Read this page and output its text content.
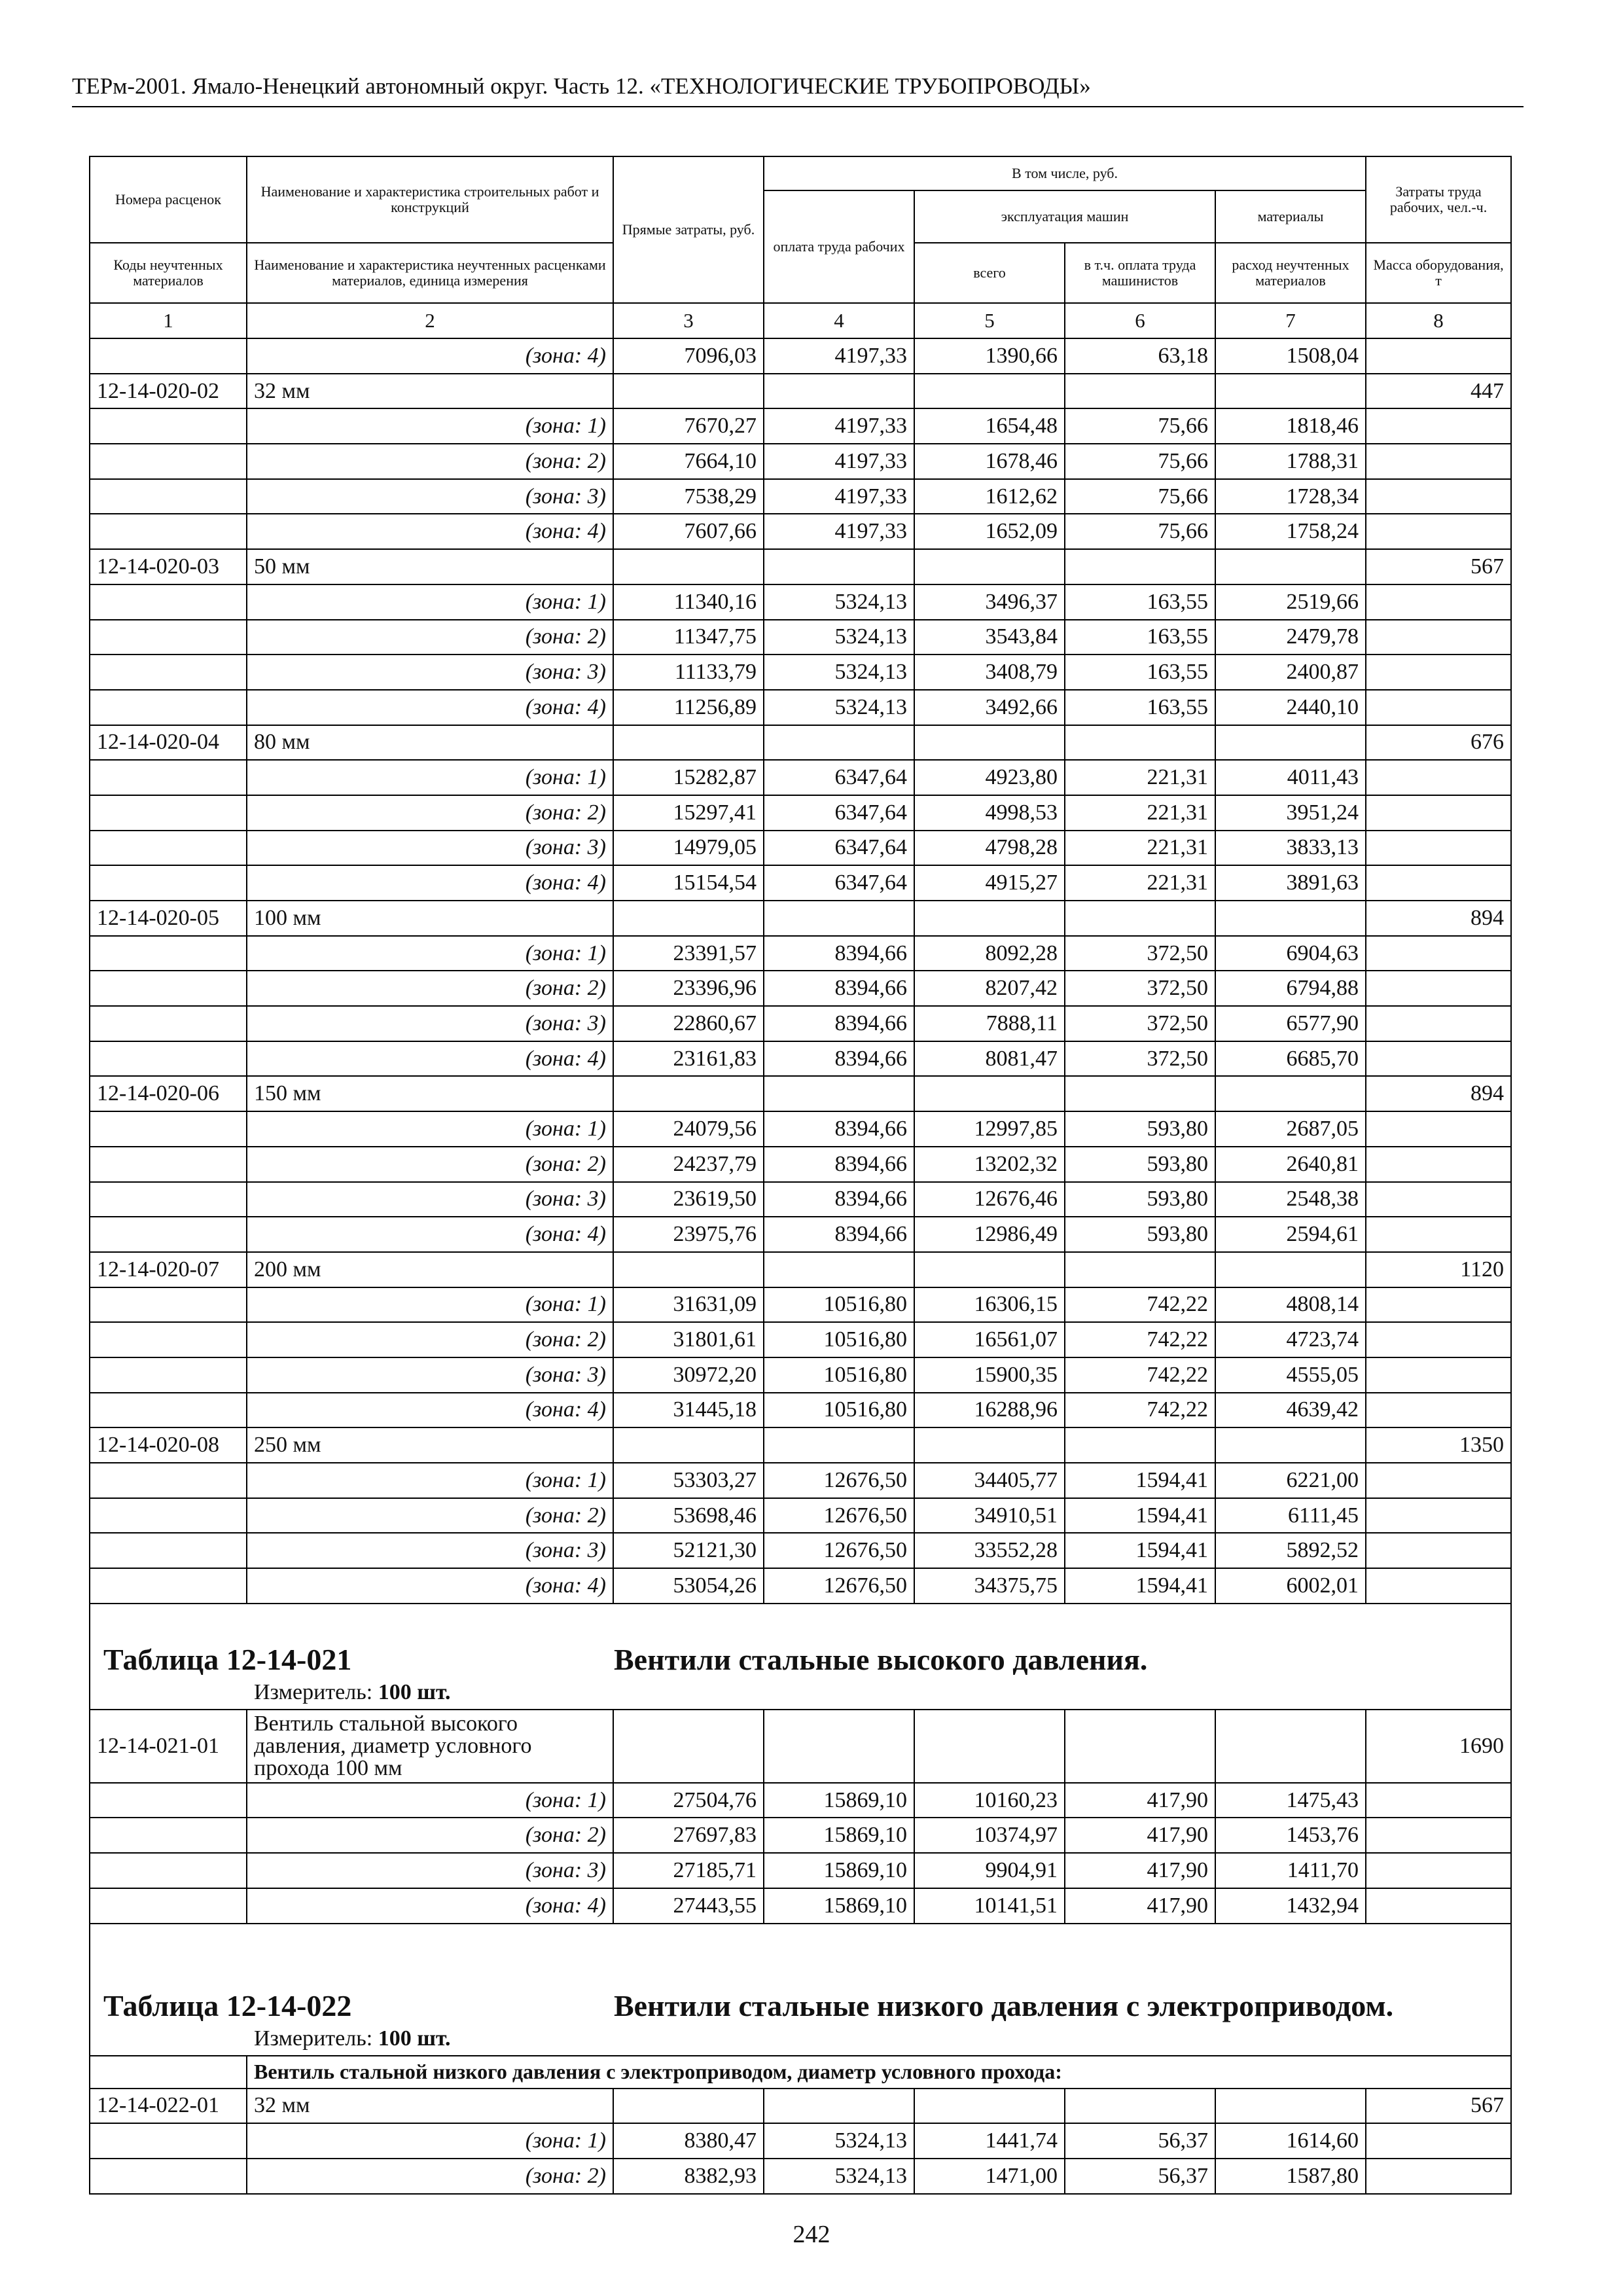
ТЕРм-2001. Ямало-Ненецкий автономный округ. Часть 12. «ТЕХНОЛОГИЧЕСКИЕ ТРУБОПРОВОДЫ»
Номера расценок	Наименование и характеристика строительных работ и конструкций	Прямые затраты, руб.	В том числе, руб.				Затраты труда рабочих, чел.-ч.
			оплата труда рабочих	эксплуатация машин		материалы	
Коды неучтенных материалов	Наименование и характеристика неучтенных расценками материалов, единица измерения			всего	в т.ч. оплата труда машинистов	расход неучтенных материалов	Масса оборудования, т
1	2	3	4	5	6	7	8
	(зона: 4)	7096,03	4197,33	1390,66	63,18	1508,04	
12-14-020-02	32 мм						447
	(зона: 1)	7670,27	4197,33	1654,48	75,66	1818,46	
	(зона: 2)	7664,10	4197,33	1678,46	75,66	1788,31	
	(зона: 3)	7538,29	4197,33	1612,62	75,66	1728,34	
	(зона: 4)	7607,66	4197,33	1652,09	75,66	1758,24	
12-14-020-03	50 мм						567
	(зона: 1)	11340,16	5324,13	3496,37	163,55	2519,66	
	(зона: 2)	11347,75	5324,13	3543,84	163,55	2479,78	
	(зона: 3)	11133,79	5324,13	3408,79	163,55	2400,87	
	(зона: 4)	11256,89	5324,13	3492,66	163,55	2440,10	
12-14-020-04	80 мм						676
	(зона: 1)	15282,87	6347,64	4923,80	221,31	4011,43	
	(зона: 2)	15297,41	6347,64	4998,53	221,31	3951,24	
	(зона: 3)	14979,05	6347,64	4798,28	221,31	3833,13	
	(зона: 4)	15154,54	6347,64	4915,27	221,31	3891,63	
12-14-020-05	100 мм						894
	(зона: 1)	23391,57	8394,66	8092,28	372,50	6904,63	
	(зона: 2)	23396,96	8394,66	8207,42	372,50	6794,88	
	(зона: 3)	22860,67	8394,66	7888,11	372,50	6577,90	
	(зона: 4)	23161,83	8394,66	8081,47	372,50	6685,70	
12-14-020-06	150 мм						894
	(зона: 1)	24079,56	8394,66	12997,85	593,80	2687,05	
	(зона: 2)	24237,79	8394,66	13202,32	593,80	2640,81	
	(зона: 3)	23619,50	8394,66	12676,46	593,80	2548,38	
	(зона: 4)	23975,76	8394,66	12986,49	593,80	2594,61	
12-14-020-07	200 мм						1120
	(зона: 1)	31631,09	10516,80	16306,15	742,22	4808,14	
	(зона: 2)	31801,61	10516,80	16561,07	742,22	4723,74	
	(зона: 3)	30972,20	10516,80	15900,35	742,22	4555,05	
	(зона: 4)	31445,18	10516,80	16288,96	742,22	4639,42	
12-14-020-08	250 мм						1350
	(зона: 1)	53303,27	12676,50	34405,77	1594,41	6221,00	
	(зона: 2)	53698,46	12676,50	34910,51	1594,41	6111,45	
	(зона: 3)	52121,30	12676,50	33552,28	1594,41	5892,52	
	(зона: 4)	53054,26	12676,50	34375,75	1594,41	6002,01	

Таблица 12-14-021 Вентили стальные высокого давления.
Измеритель: 100 шт.							

12-14-021-01	Вентиль стальной высокого давления, диаметр условного прохода 100 мм						1690
	(зона: 1)	27504,76	15869,10	10160,23	417,90	1475,43	
	(зона: 2)	27697,83	15869,10	10374,97	417,90	1453,76	
	(зона: 3)	27185,71	15869,10	9904,91	417,90	1411,70	
	(зона: 4)	27443,55	15869,10	10141,51	417,90	1432,94	

Таблица 12-14-022 Вентили стальные низкого давления с электроприводом.
Измеритель: 100 шт.							

	Вентиль стальной низкого давления с электроприводом, диаметр условного прохода:						
12-14-022-01	32 мм						567
	(зона: 1)	8380,47	5324,13	1441,74	56,37	1614,60	
	(зона: 2)	8382,93	5324,13	1471,00	56,37	1587,80	
242
